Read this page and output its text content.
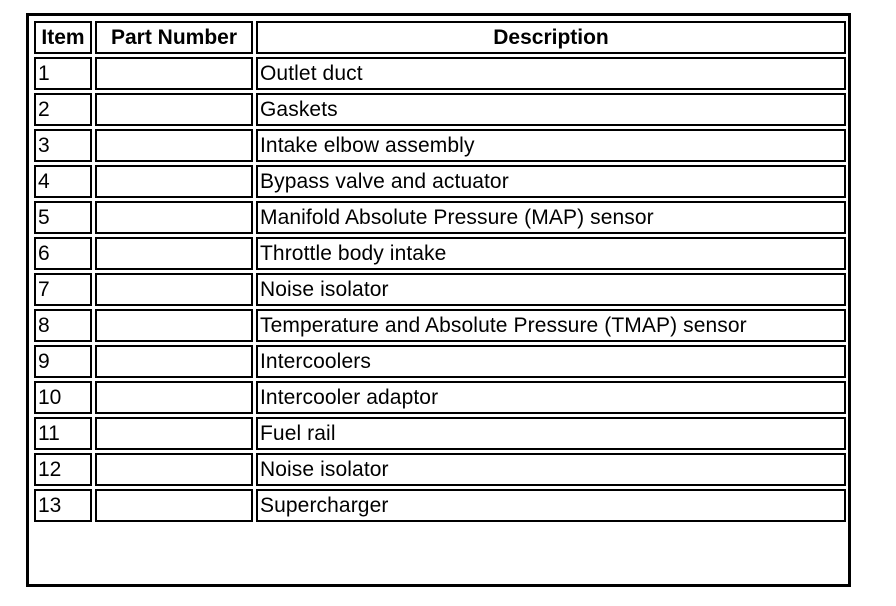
Item	Part Number	Description
1		Outlet duct
2		Gaskets
3		Intake elbow assembly
4		Bypass valve and actuator
5		Manifold Absolute Pressure (MAP) sensor
6		Throttle body intake
7		Noise isolator
8		Temperature and Absolute Pressure (TMAP) sensor
9		Intercoolers
10		Intercooler adaptor
11		Fuel rail
12		Noise isolator
13		Supercharger
